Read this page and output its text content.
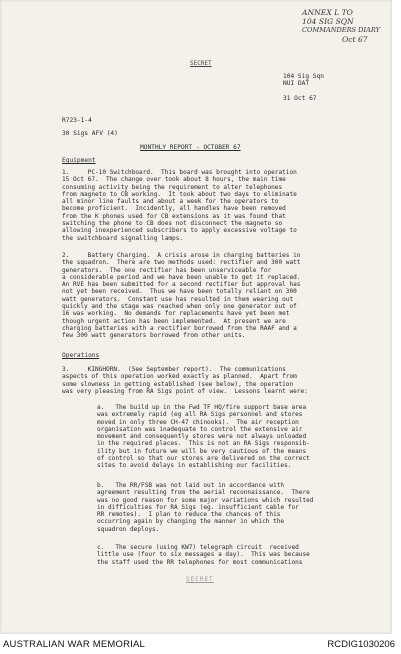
ANNEX L TO
104 SIG SQN
COMMANDERS DIARY
Oct 67
SECRET
104 Sig Sqn
NUI DAT
31 Oct 67
R723-1-4
30 Sigs AFV (4)
MONTHLY REPORT - OCTOBER 67
Equipment
1.     PC-10 Switchboard.  This board was brought into operation
15 Oct 67.  The change over took about 8 hours, the main time
consuming activity being the requirement to alter telephones
from magneto to CB working.  It took about two days to eliminate
all minor line faults and about a week for the operators to
become proficient.  Incidently, all handles have been removed
from the K phones used for CB extensions as it was found that
switching the phone to CB does not disconnect the magneto so
allowing inexperienced subscribers to apply excessive voltage to
the switchboard signalling lamps.
2.     Battery Charging.  A crisis arose in charging batteries in
the squadron.  There are two methods used: rectifier and 300 watt
generators.  The one rectifier has been unserviceable for
a considerable period and we have been unable to get it replaced.
An RVE has been submitted for a second rectifier but approval has
not yet been received.  Thus we have been totally reliant on 300
watt generators.  Constant use has resulted in them wearing out
quickly and the stage was reached when only one generator out of
16 was working.  No demands for replacements have yet been met
though urgent action has been implemented.  At present we are
charging batteries with a rectifier borrowed from the RAAF and a
few 300 watt generators borrowed from other units.
Operations
3.     KINGHORN.  (See September report).  The communications
aspects of this operation worked exactly as planned.  Apart from
some slowness in getting established (see below), the operation
was very pleasing from RA Sigs point of view.  Lessons learnt were:
a.   The build up in the Fwd TF HQ/fire support base area
was extremely rapid (eg all RA Sigs personnel and stores
moved in only three CH-47 chinooks).  The air reception
organisation was inadequate to control the extensive air
movement and consequently stores were not always unloaded
in the required places.  This is not an RA Sigs responsib-
ility but in future we will be very cautious of the means
of control so that our stores are delivered on the correct
sites to avoid delays in establishing our facilities.
b.   The RR/FSB was not laid out in accordance with
agreement resulting from the aerial reconnaissance.  There
was no good reason for some major variations which resulted
in difficulties for RA Sigs (eg. insufficient cable for
RR remotes).  I plan to reduce the chances of this
occurring again by changing the manner in which the
squadron deploys.
c.   The secure (using KW7) telegraph circuit  received
little use (four to six messages a day).  This was because
the staff used the RR telephones for most communications
SECRET
AUSTRALIAN WAR MEMORIAL	RCDIG1030206
